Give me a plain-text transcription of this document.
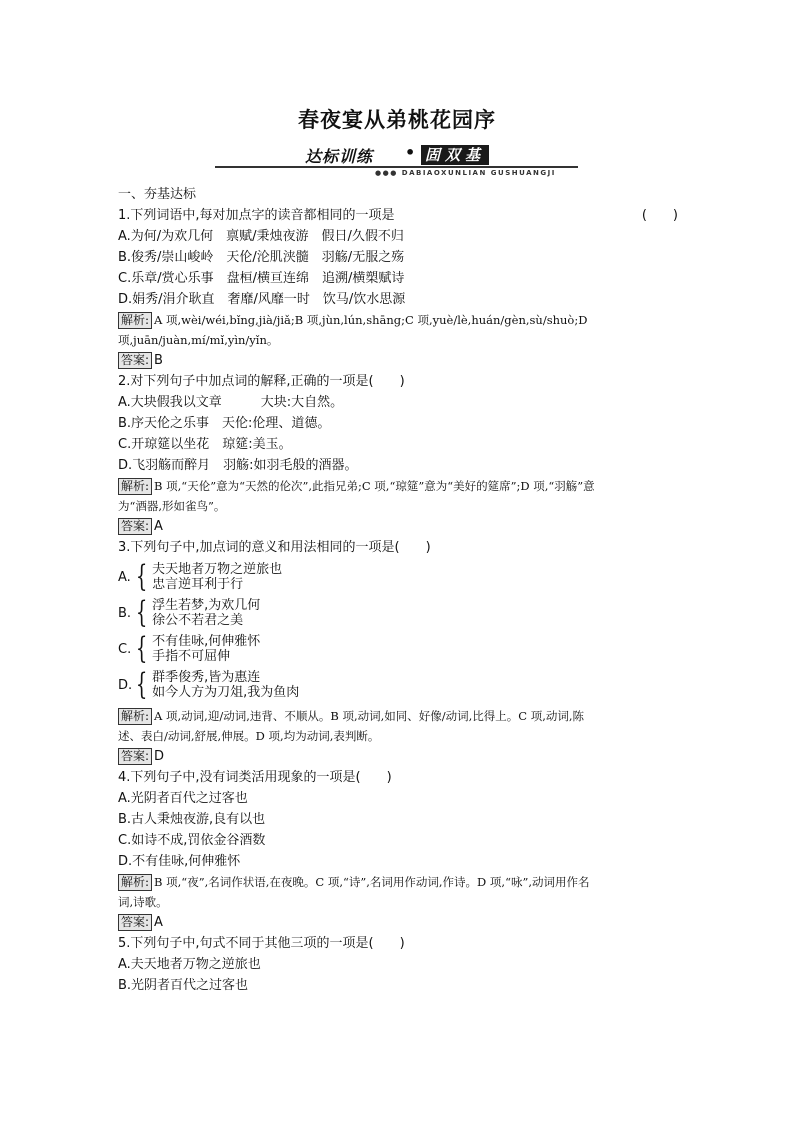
春夜宴从弟桃花园序
达标训练 • 固双基
●●● DABIAOXUNLIAN GUSHUANGJI
一、夯基达标
1.下列词语中,每对加点字的读音都相同的一项是	(　　)
A.为何/为欢几何　禀赋/秉烛夜游　假日/久假不归
B.俊秀/崇山峻岭　天伦/沦肌浃髓　羽觞/无服之殇
C.乐章/赏心乐事　盘桓/横亘连绵　追溯/横槊赋诗
D.娟秀/涓介耿直　奢靡/风靡一时　饮马/饮水思源
解析: A 项,wèi/wéi,bǐng,jià/jiǎ;B 项,jùn,lún,shāng;C 项,yuè/lè,huán/gèn,sù/shuò;D
项,juān/juàn,mí/mǐ,yìn/yǐn。
答案: B
2.对下列句子中加点词的解释,正确的一项是(　　)
A.大块假我以文章　　　大块:大自然。
B.序天伦之乐事　天伦:伦理、道德。
C.开琼筵以坐花　琼筵:美玉。
D.飞羽觞而醉月　羽觞:如羽毛般的酒器。
解析: B 项,“天伦”意为“天然的伦次”,此指兄弟;C 项,“琼筵”意为“美好的筵席”;D 项,“羽觞”意
为“酒器,形如雀鸟”。
答案: A
3.下列句子中,加点词的意义和用法相同的一项是(　　)
A. { 夫天地者万物之逆旅也
忠言逆耳利于行
B. { 浮生若梦,为欢几何
徐公不若君之美
C. { 不有佳咏,何伸雅怀
手指不可屈伸
D. { 群季俊秀,皆为惠连
如今人方为刀俎,我为鱼肉
解析: A 项,动词,迎/动词,违背、不顺从。B 项,动词,如同、好像/动词,比得上。C 项,动词,陈
述、表白/动词,舒展,伸展。D 项,均为动词,表判断。
答案: D
4.下列句子中,没有词类活用现象的一项是(　　)
A.光阴者百代之过客也
B.古人秉烛夜游,良有以也
C.如诗不成,罚依金谷酒数
D.不有佳咏,何伸雅怀
解析: B 项,“夜”,名词作状语,在夜晚。C 项,“诗”,名词用作动词,作诗。D 项,“咏”,动词用作名
词,诗歌。
答案: A
5.下列句子中,句式不同于其他三项的一项是(　　)
A.夫天地者万物之逆旅也
B.光阴者百代之过客也
